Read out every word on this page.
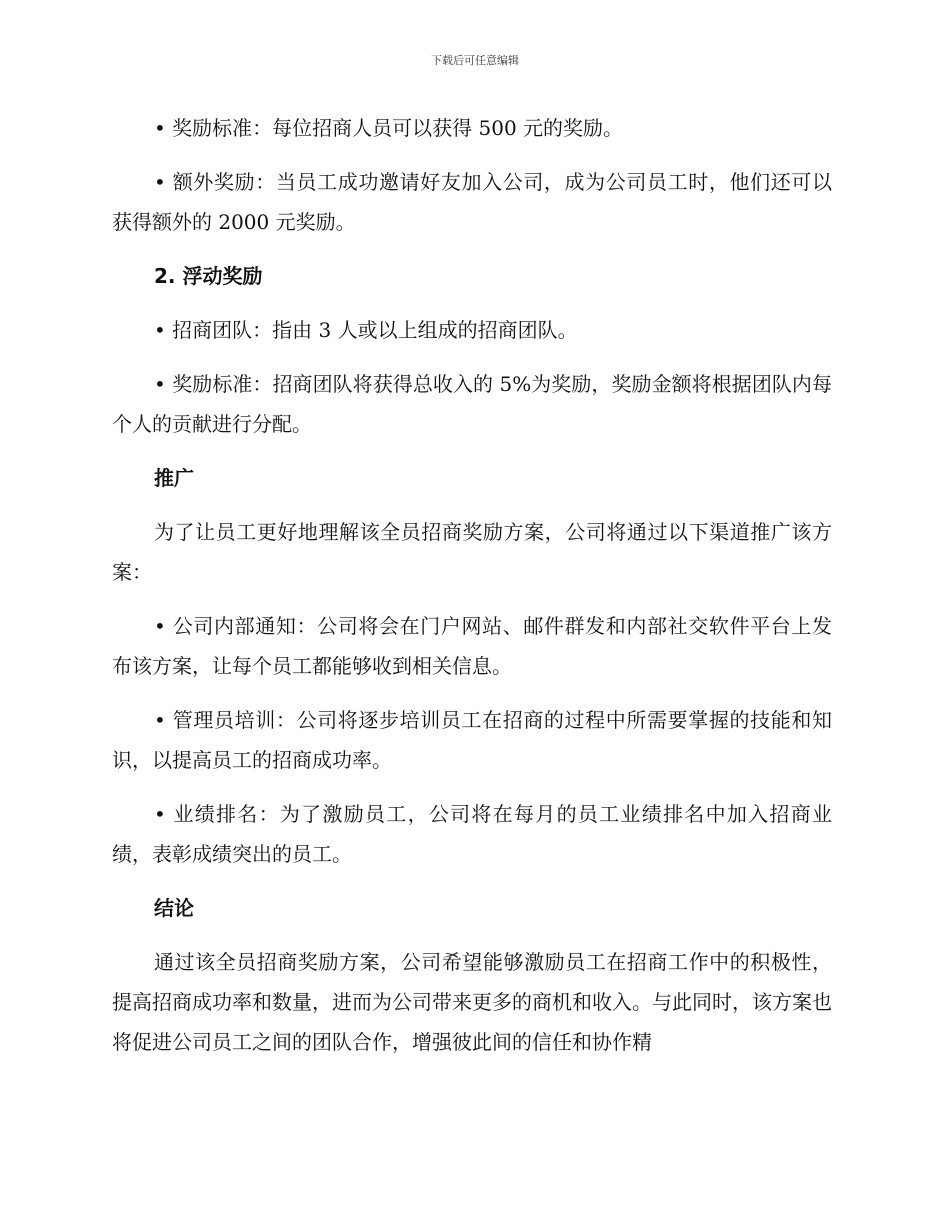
下载后可任意编辑

• 奖励标准：每位招商人员可以获得 500 元的奖励。

• 额外奖励：当员工成功邀请好友加入公司，成为公司员工时，他们还可以获得额外的 2000 元奖励。

2. 浮动奖励

• 招商团队：指由 3 人或以上组成的招商团队。

• 奖励标准：招商团队将获得总收入的 5%为奖励，奖励金额将根据团队内每个人的贡献进行分配。

推广

为了让员工更好地理解该全员招商奖励方案，公司将通过以下渠道推广该方案：

• 公司内部通知：公司将会在门户网站、邮件群发和内部社交软件平台上发布该方案，让每个员工都能够收到相关信息。

• 管理员培训：公司将逐步培训员工在招商的过程中所需要掌握的技能和知识，以提高员工的招商成功率。

• 业绩排名：为了激励员工，公司将在每月的员工业绩排名中加入招商业绩，表彰成绩突出的员工。

结论

通过该全员招商奖励方案，公司希望能够激励员工在招商工作中的积极性，提高招商成功率和数量，进而为公司带来更多的商机和收入。与此同时，该方案也将促进公司员工之间的团队合作，增强彼此间的信任和协作精
